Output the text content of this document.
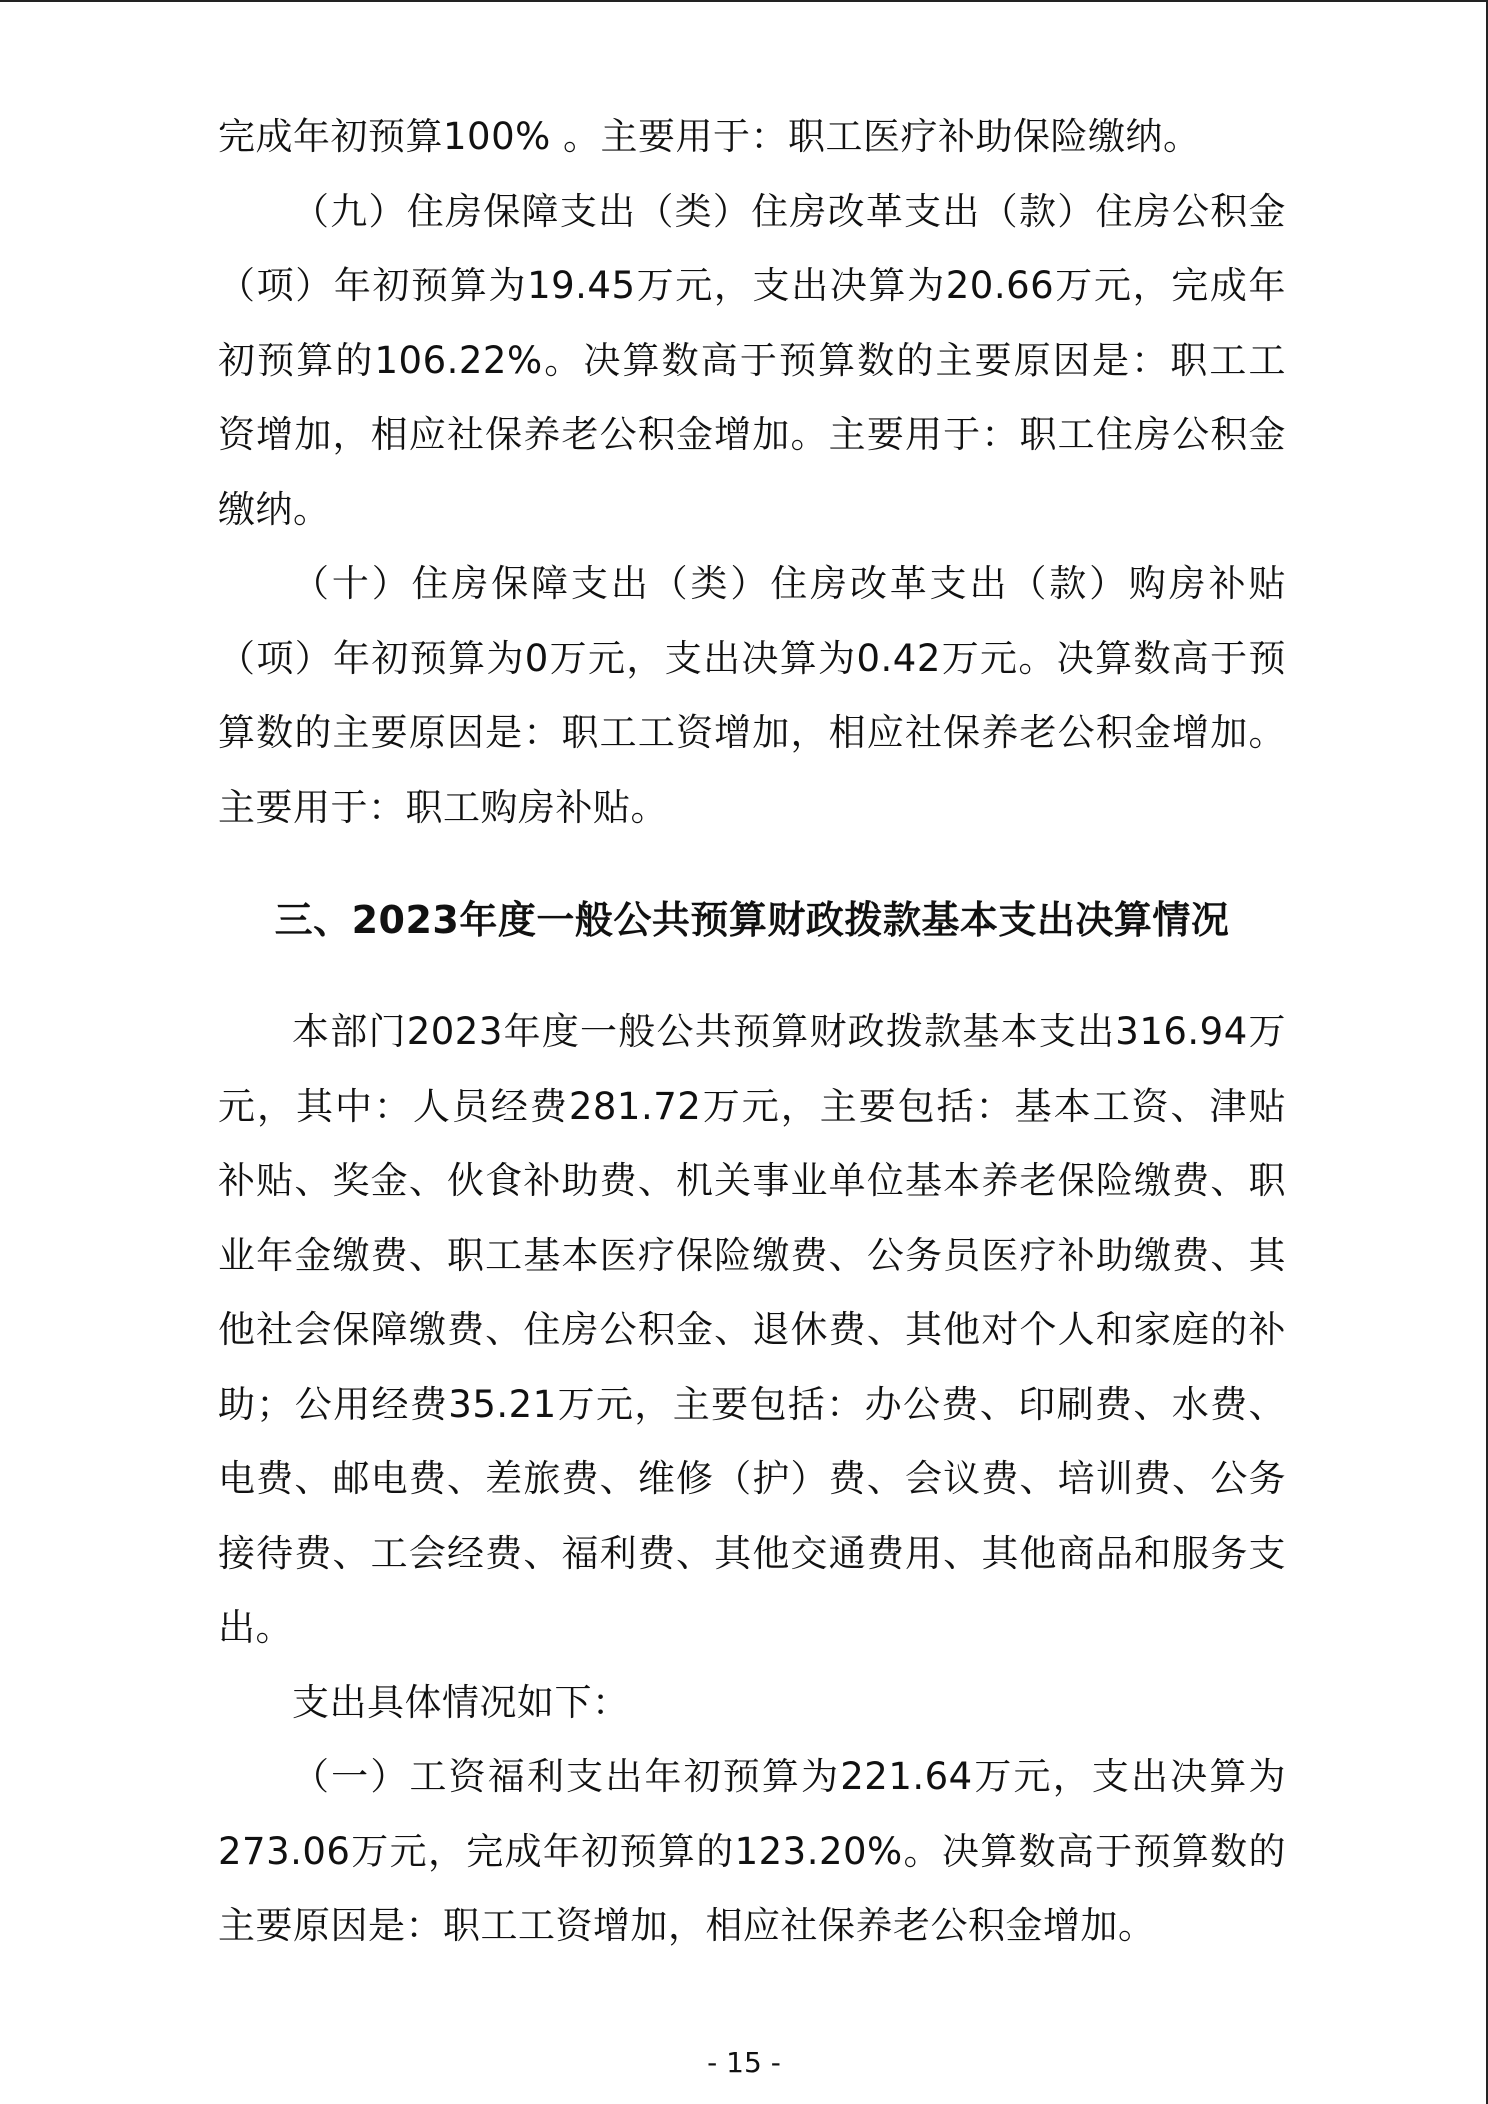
完成年初预算100% 。主要用于：职工医疗补助保险缴纳。

（九）住房保障支出（类）住房改革支出（款）住房公积金（项）年初预算为19.45万元，支出决算为20.66万元，完成年初预算的106.22%。决算数高于预算数的主要原因是：职工工资增加，相应社保养老公积金增加。主要用于：职工住房公积金缴纳。

（十）住房保障支出（类）住房改革支出（款）购房补贴（项）年初预算为0万元，支出决算为0.42万元。决算数高于预算数的主要原因是：职工工资增加，相应社保养老公积金增加。主要用于：职工购房补贴。

三、2023年度一般公共预算财政拨款基本支出决算情况

本部门2023年度一般公共预算财政拨款基本支出316.94万元，其中：人员经费281.72万元，主要包括：基本工资、津贴补贴、奖金、伙食补助费、机关事业单位基本养老保险缴费、职业年金缴费、职工基本医疗保险缴费、公务员医疗补助缴费、其他社会保障缴费、住房公积金、退休费、其他对个人和家庭的补助；公用经费35.21万元，主要包括：办公费、印刷费、水费、电费、邮电费、差旅费、维修（护）费、会议费、培训费、公务接待费、工会经费、福利费、其他交通费用、其他商品和服务支出。

支出具体情况如下：

（一）工资福利支出年初预算为221.64万元，支出决算为273.06万元，完成年初预算的123.20%。决算数高于预算数的主要原因是：职工工资增加，相应社保养老公积金增加。

- 15 -
